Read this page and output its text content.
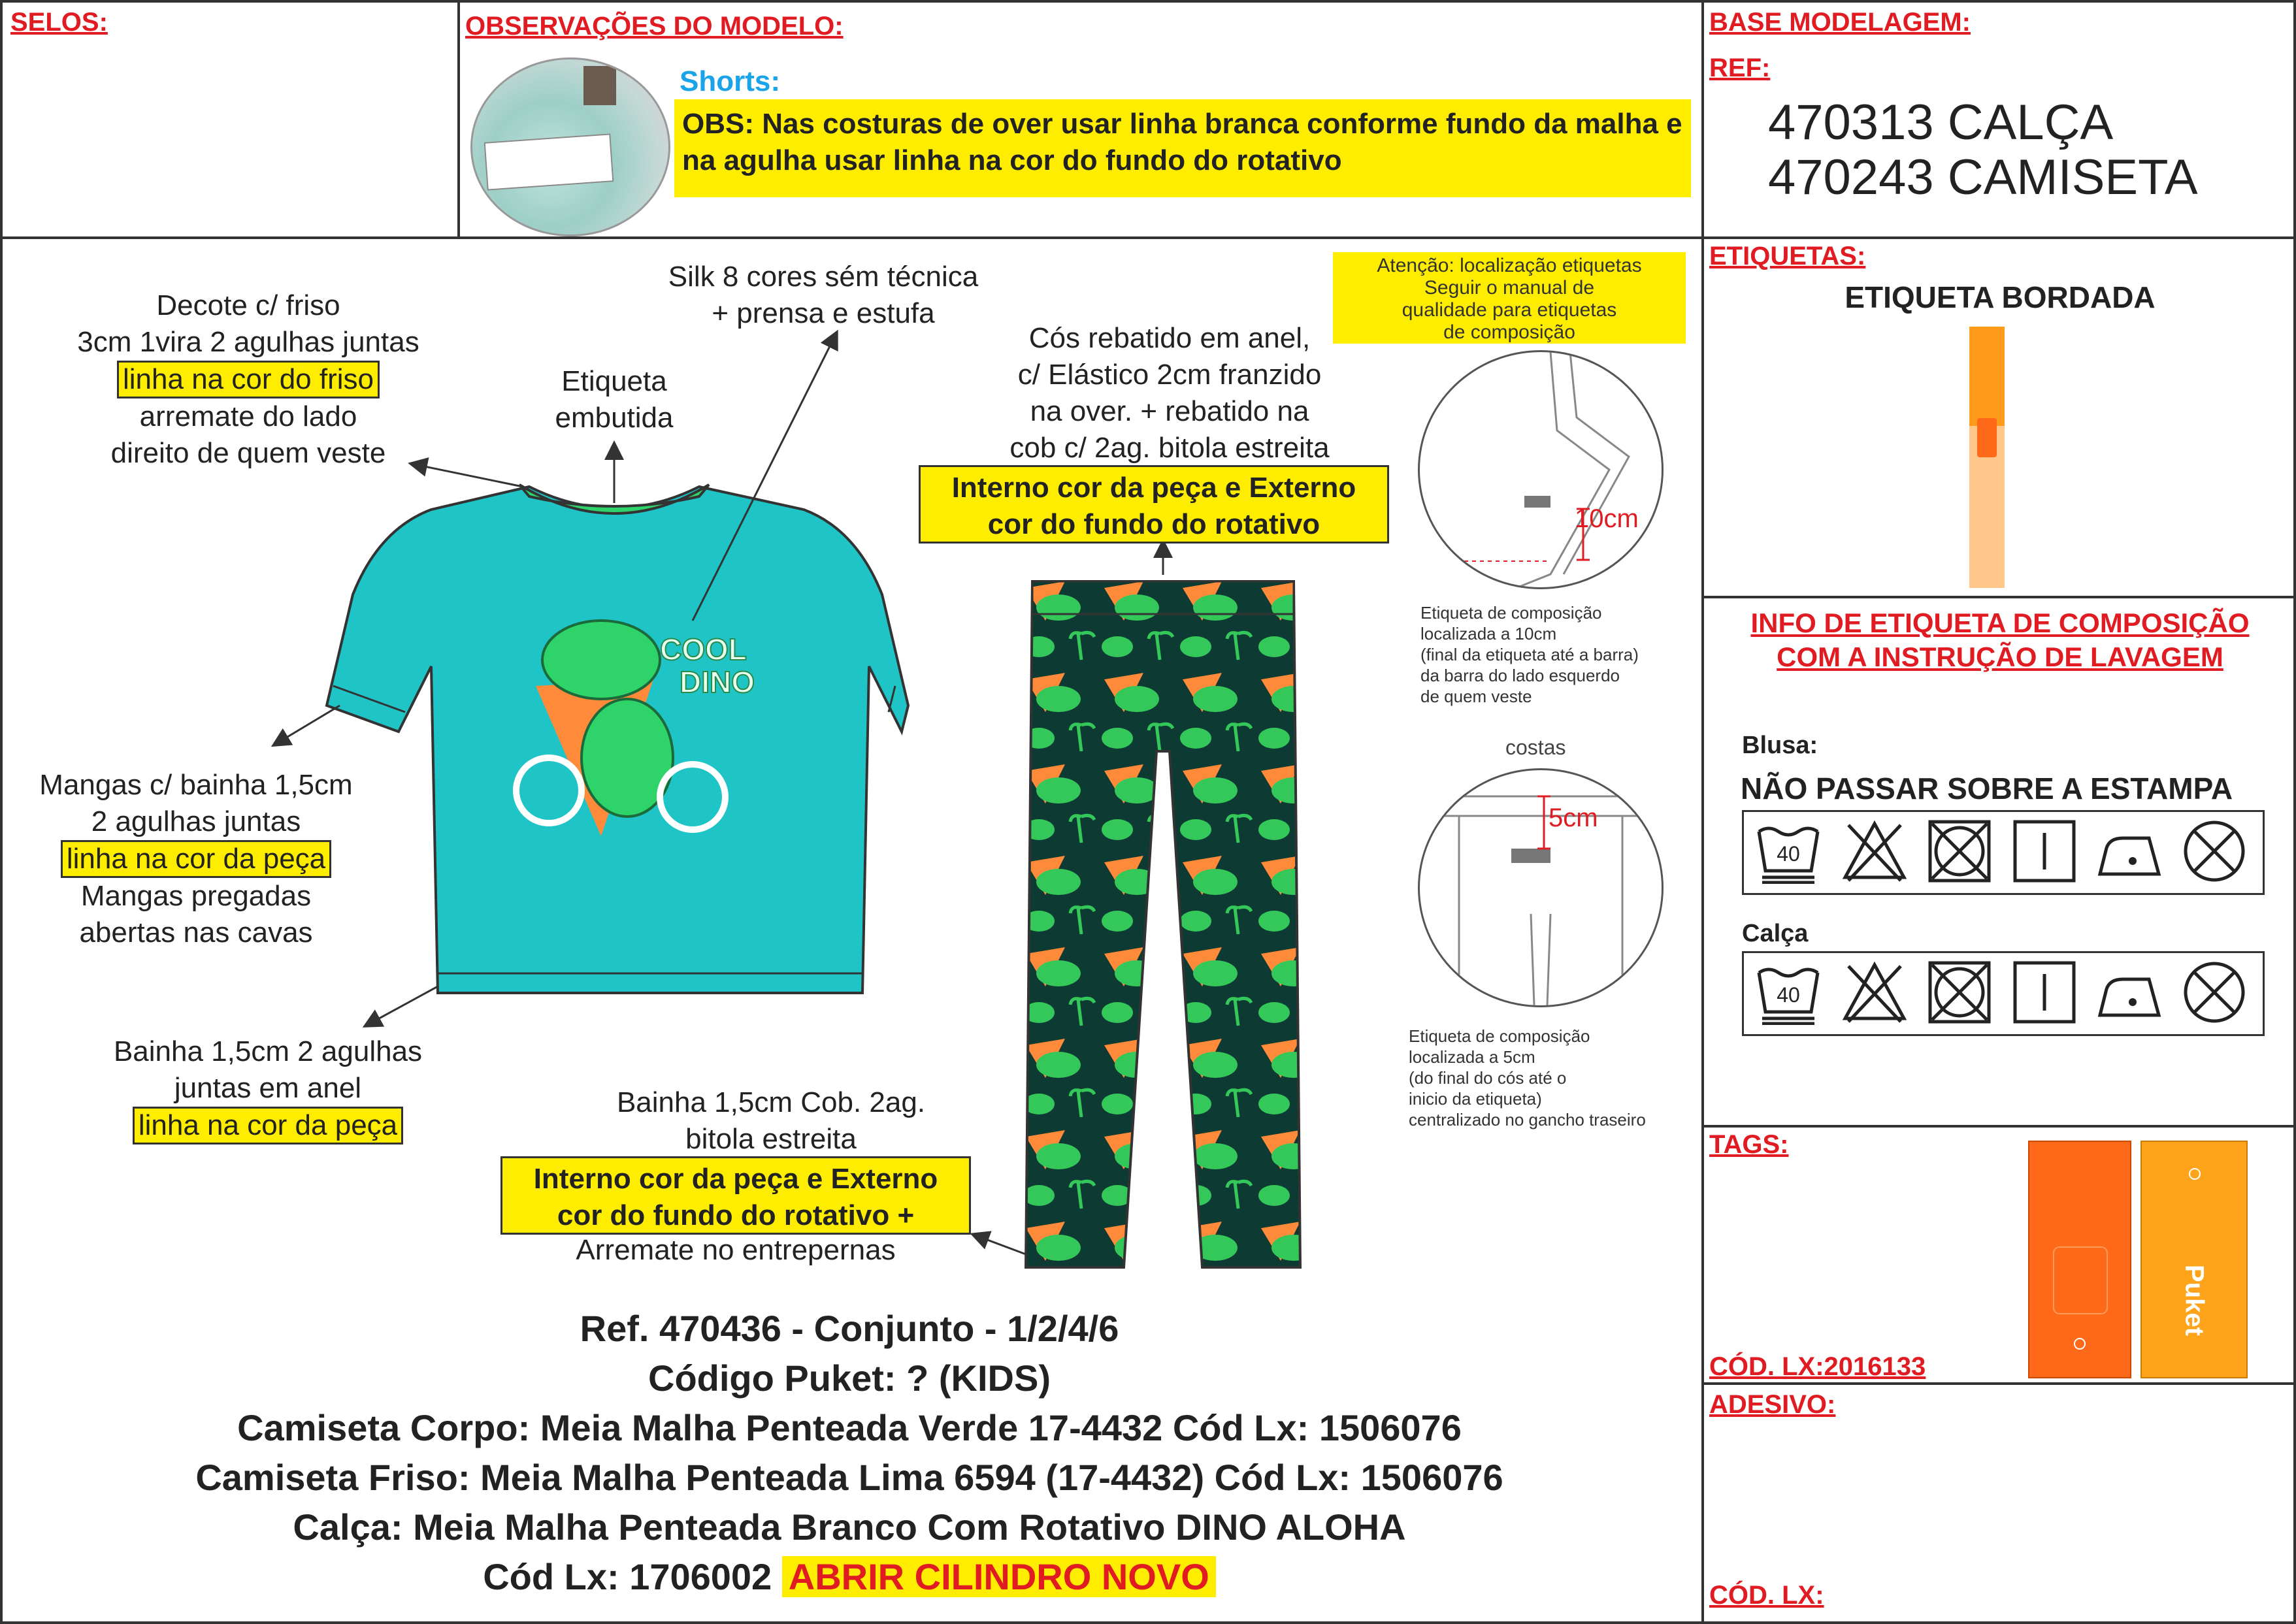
SELOS:	OBSERVAÇÕES DO MODELO:
Shorts:
OBS: Nas costuras de over usar linha branca conforme fundo da malha e na agulha usar linha na cor do fundo do rotativo
BASE MODELAGEM:
REF:
470313 CALÇA
470243 CAMISETA
ETIQUETAS:
ETIQUETA BORDADA
INFO DE ETIQUETA DE COMPOSIÇÃO
COM A INSTRUÇÃO DE LAVAGEM
Blusa:
NÃO PASSAR SOBRE A ESTAMPA
40
Calça
40
TAGS:
CÓD. LX:2016133
Puket
ADESIVO:
CÓD. LX:
COOL
DINO
Decote c/ friso
3cm 1vira 2 agulhas juntas
linha na cor do friso
arremate do lado
direito de quem veste
Silk 8 cores sém técnica
+ prensa e estufa
Etiqueta
embutida
Mangas c/ bainha 1,5cm
2 agulhas juntas
linha na cor da peça
Mangas pregadas
abertas nas cavas
Bainha 1,5cm 2 agulhas
juntas em anel
linha na cor da peça
Cós rebatido em anel,
c/ Elástico 2cm franzido
na over. + rebatido na
cob c/ 2ag. bitola estreita
Interno cor da peça e Externo
cor do fundo do rotativo
Bainha 1,5cm Cob. 2ag.
bitola estreita
Interno cor da peça e Externo
cor do fundo do rotativo +
Arremate no entrepernas
Atenção: localização etiquetas
Seguir o manual de
qualidade para etiquetas
de composição
10cm
Etiqueta de composição
localizada a 10cm
(final da etiqueta até a barra)
da barra do lado esquerdo
de quem veste
costas
5cm
Etiqueta de composição
localizada a 5cm
(do final do cós até o
inicio da etiqueta)
centralizado no gancho traseiro
Ref. 470436 - Conjunto - 1/2/4/6
Código Puket: ? (KIDS)
Camiseta Corpo: Meia Malha Penteada Verde 17-4432 Cód Lx: 1506076
Camiseta Friso: Meia Malha Penteada Lima 6594 (17-4432) Cód Lx: 1506076
Calça: Meia Malha Penteada Branco Com Rotativo DINO ALOHA
Cód Lx: 1706002 ABRIR CILINDRO NOVO
